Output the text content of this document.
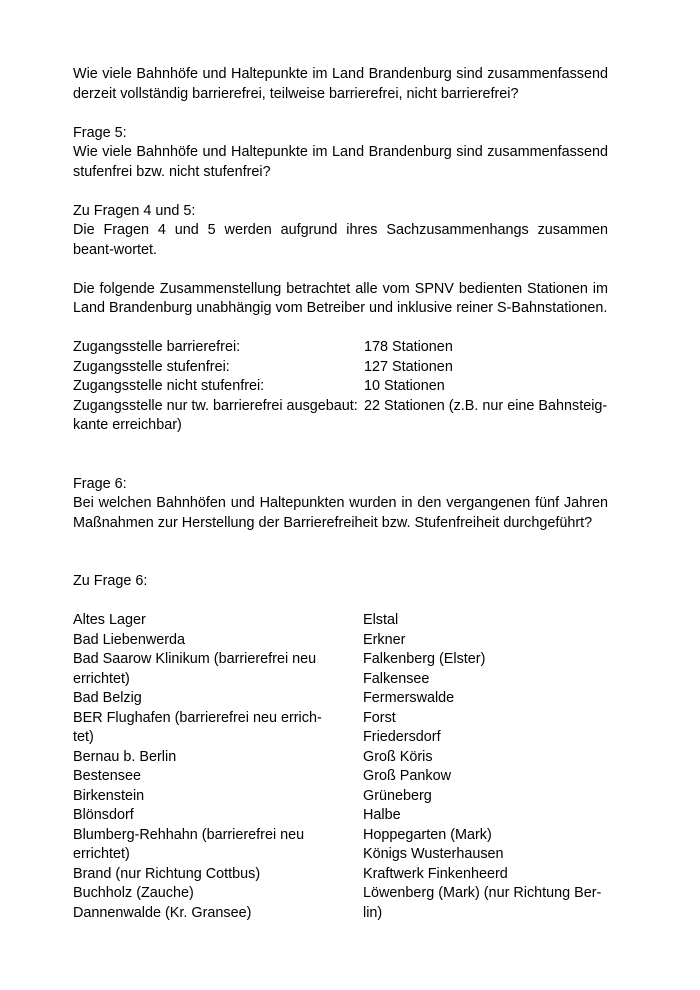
Wie viele Bahnhöfe und Haltepunkte im Land Brandenburg sind zusammenfassend derzeit vollständig barrierefrei, teilweise barrierefrei, nicht barrierefrei?

Frage 5:

Wie viele Bahnhöfe und Haltepunkte im Land Brandenburg sind zusammenfassend stufenfrei bzw. nicht stufenfrei?

Zu Fragen 4 und 5:

Die Fragen 4 und 5 werden aufgrund ihres Sachzusammenhangs zusammen beant-wortet.

Die folgende Zusammenstellung betrachtet alle vom SPNV bedienten Stationen im Land Brandenburg unabhängig vom Betreiber und inklusive reiner S-Bahnstationen.

Zugangsstelle barrierefrei:	178 Stationen
Zugangsstelle stufenfrei:	127 Stationen
Zugangsstelle nicht stufenfrei:	10 Stationen
Zugangsstelle nur tw. barrierefrei ausgebaut: 22 Stationen (z.B. nur eine Bahnsteig-

kante erreichbar)

Frage 6:

Bei welchen Bahnhöfen und Haltepunkten wurden in den vergangenen fünf Jahren Maßnahmen zur Herstellung der Barrierefreiheit bzw. Stufenfreiheit durchgeführt?

Zu Frage 6:

Altes Lager
Bad Liebenwerda
Bad Saarow Klinikum (barrierefrei neu errichtet)
Bad Belzig
BER Flughafen (barrierefrei neu errich-tet)
Bernau b. Berlin
Bestensee
Birkenstein
Blönsdorf
Blumberg-Rehhahn (barrierefrei neu errichtet)
Brand (nur Richtung Cottbus)
Buchholz (Zauche)
Dannenwalde (Kr. Gransee)
Elstal
Erkner
Falkenberg (Elster)
Falkensee
Fermerswalde
Forst
Friedersdorf
Groß Köris
Groß Pankow
Grüneberg
Halbe
Hoppegarten (Mark)
Königs Wusterhausen
Kraftwerk Finkenheerd
Löwenberg (Mark) (nur Richtung Ber-lin)
